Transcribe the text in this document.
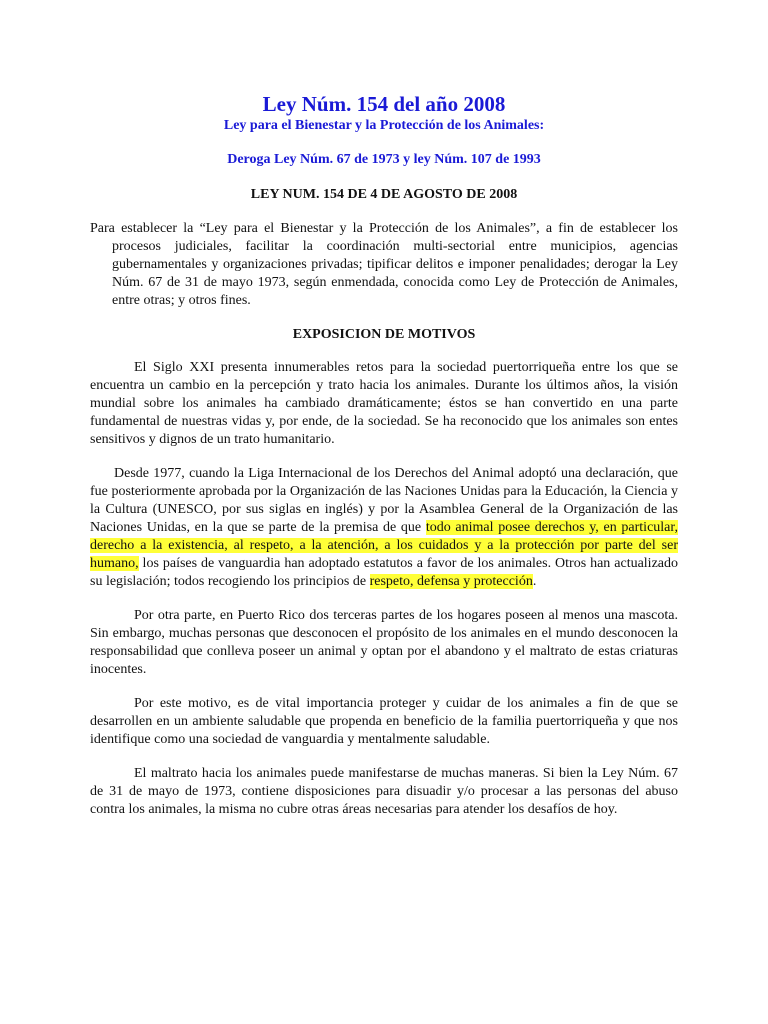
Ley Núm. 154 del año 2008

Ley para el Bienestar y la Protección de los Animales:

Deroga Ley Núm. 67 de 1973 y ley Núm. 107 de 1993

LEY NUM. 154 DE 4 DE AGOSTO DE 2008

Para establecer la “Ley para el Bienestar y la Protección de los Animales”, a fin de establecer los procesos judiciales, facilitar la coordinación multi-sectorial entre municipios, agencias gubernamentales y organizaciones privadas; tipificar delitos e imponer penalidades; derogar la Ley Núm. 67 de 31 de mayo 1973, según enmendada, conocida como Ley de Protección de Animales, entre otras; y otros fines.

EXPOSICION DE MOTIVOS

El Siglo XXI presenta innumerables retos para la sociedad puertorriqueña entre los que se encuentra un cambio en la percepción y trato hacia los animales. Durante los últimos años, la visión mundial sobre los animales ha cambiado dramáticamente; éstos se han convertido en una parte fundamental de nuestras vidas y, por ende, de la sociedad. Se ha reconocido que los animales son entes sensitivos y dignos de un trato humanitario.

Desde 1977, cuando la Liga Internacional de los Derechos del Animal adoptó una declaración, que fue posteriormente aprobada por la Organización de las Naciones Unidas para la Educación, la Ciencia y la Cultura (UNESCO, por sus siglas en inglés) y por la Asamblea General de la Organización de las Naciones Unidas, en la que se parte de la premisa de que todo animal posee derechos y, en particular, derecho a la existencia, al respeto, a la atención, a los cuidados y a la protección por parte del ser humano, los países de vanguardia han adoptado estatutos a favor de los animales. Otros han actualizado su legislación; todos recogiendo los principios de respeto, defensa y protección.

Por otra parte, en Puerto Rico dos terceras partes de los hogares poseen al menos una mascota. Sin embargo, muchas personas que desconocen el propósito de los animales en el mundo desconocen la responsabilidad que conlleva poseer un animal y optan por el abandono y el maltrato de estas criaturas inocentes.

Por este motivo, es de vital importancia proteger y cuidar de los animales a fin de que se desarrollen en un ambiente saludable que propenda en beneficio de la familia puertorriqueña y que nos identifique como una sociedad de vanguardia y mentalmente saludable.

El maltrato hacia los animales puede manifestarse de muchas maneras. Si bien la Ley Núm. 67 de 31 de mayo de 1973, contiene disposiciones para disuadir y/o procesar a las personas del abuso contra los animales, la misma no cubre otras áreas necesarias para atender los desafíos de hoy.
